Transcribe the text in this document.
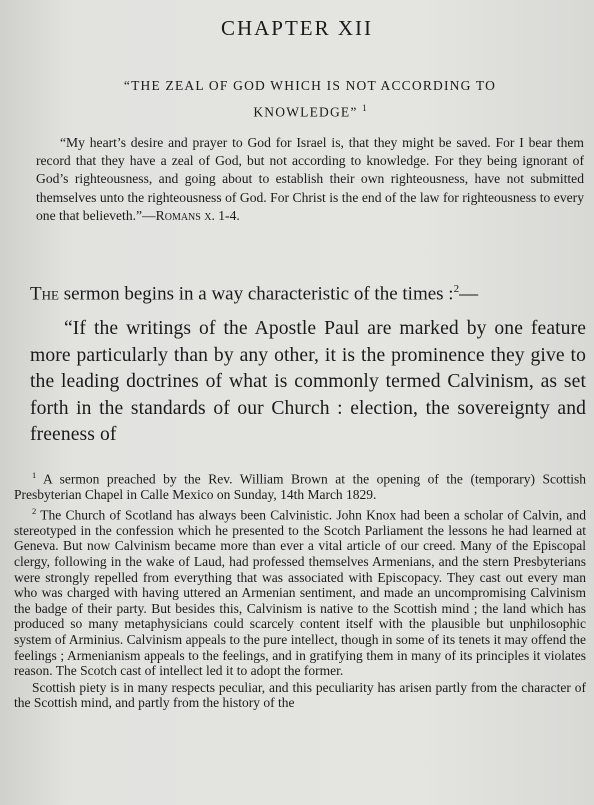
CHAPTER XII
“THE ZEAL OF GOD WHICH IS NOT ACCORDING TO KNOWLEDGE” $^1$
“My heart’s desire and prayer to God for Israel is, that they might be saved. For I bear them record that they have a zeal of God, but not according to knowledge. For they being ignorant of God’s righteousness, and going about to establish their own righteousness, have not submitted themselves unto the righteousness of God. For Christ is the end of the law for righteousness to every one that believeth.”—Romans x. 1-4.
The sermon begins in a way characteristic of the times :$^2$—
“If the writings of the Apostle Paul are marked by one feature more particularly than by any other, it is the prominence they give to the leading doctrines of what is commonly termed Calvinism, as set forth in the standards of our Church : election, the sovereignty and freeness of

$^1$ A sermon preached by the Rev. William Brown at the opening of the (temporary) Scottish Presbyterian Chapel in Calle Mexico on Sunday, 14th March 1829.

$^2$ The Church of Scotland has always been Calvinistic. John Knox had been a scholar of Calvin, and stereotyped in the confession which he presented to the Scotch Parliament the lessons he had learned at Geneva. But now Calvinism became more than ever a vital article of our creed. Many of the Episcopal clergy, following in the wake of Laud, had professed themselves Armenians, and the stern Presbyterians were strongly repelled from everything that was associated with Episcopacy. They cast out every man who was charged with having uttered an Armenian sentiment, and made an uncompromising Calvinism the badge of their party. But besides this, Calvinism is native to the Scottish mind ; the land which has produced so many metaphysicians could scarcely content itself with the plausible but unphilosophic system of Arminius. Calvinism appeals to the pure intellect, though in some of its tenets it may offend the feelings ; Armenianism appeals to the feelings, and in gratifying them in many of its principles it violates reason. The Scotch cast of intellect led it to adopt the former.

Scottish piety is in many respects peculiar, and this peculiarity has arisen partly from the character of the Scottish mind, and partly from the history of the
